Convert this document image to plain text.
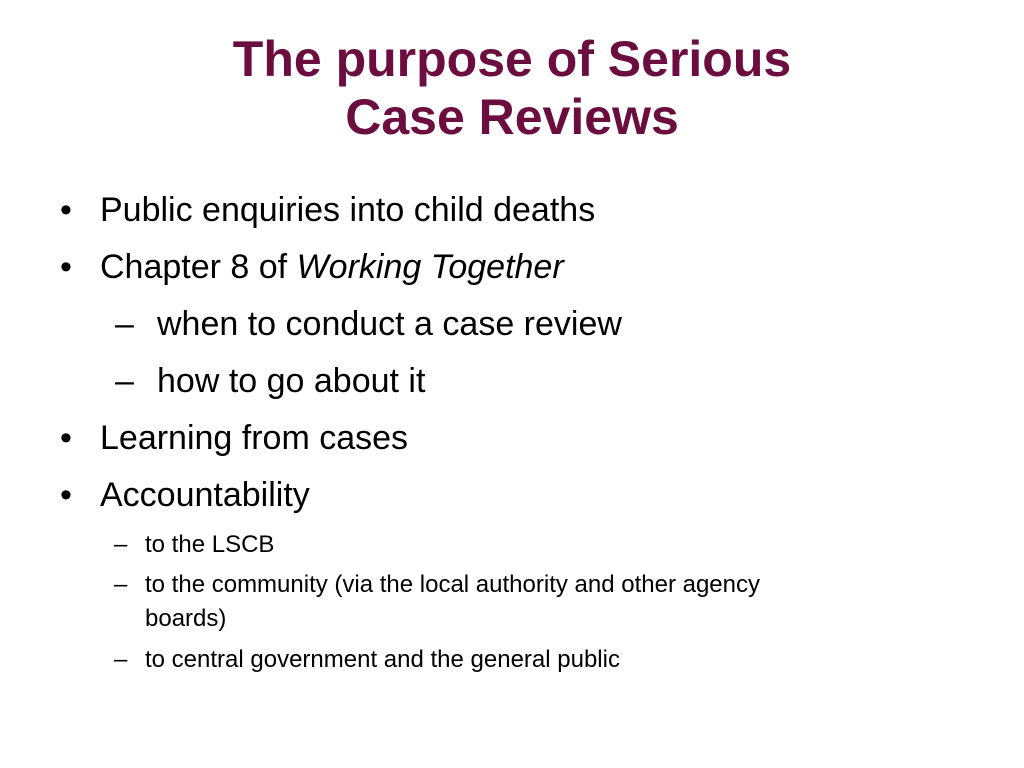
The purpose of Serious
Case Reviews
• Public enquiries into child deaths
• Chapter 8 of Working Together
– when to conduct a case review
– how to go about it
• Learning from cases
• Accountability
– to the LSCB
– to the community (via the local authority and other agency
boards)
– to central government and the general public
